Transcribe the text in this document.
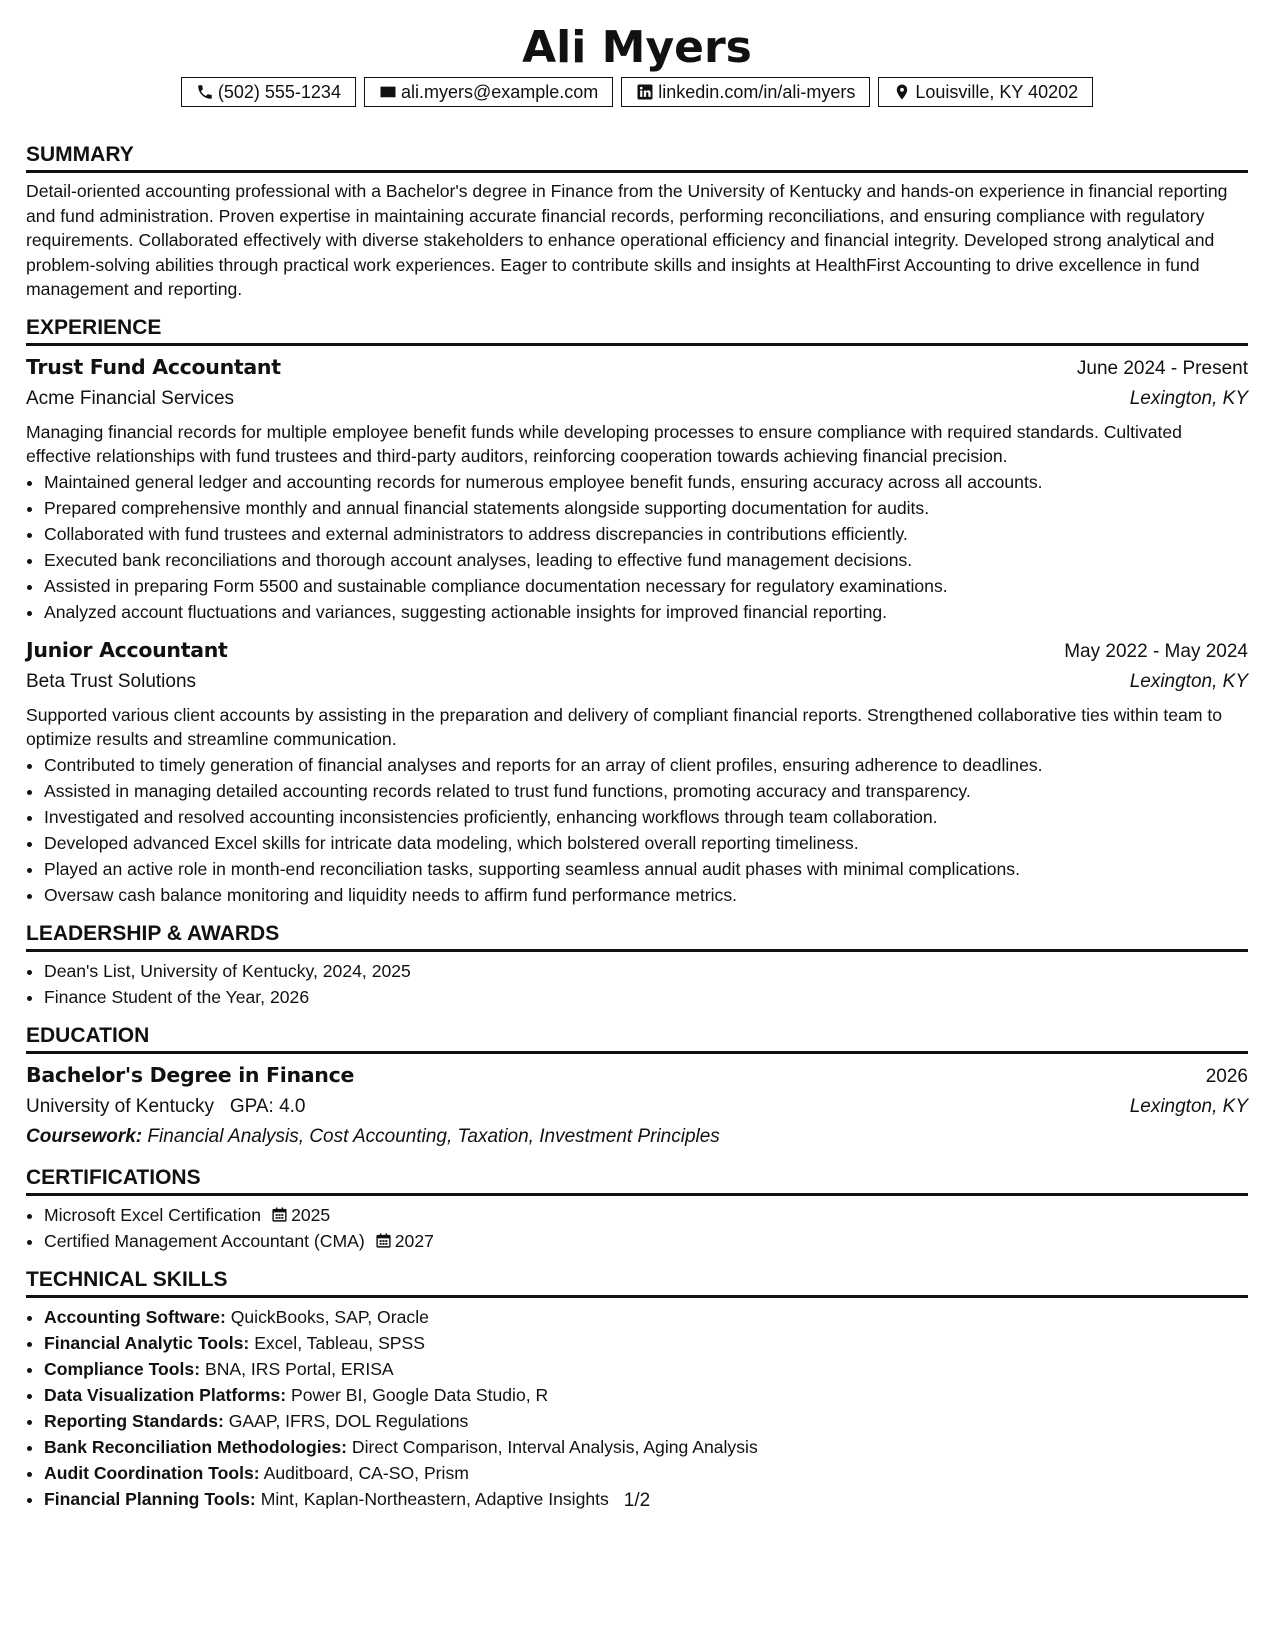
Ali Myers
(502) 555-1234	ali.myers@example.com	linkedin.com/in/ali-myers	Louisville, KY 40202
SUMMARY

Detail-oriented accounting professional with a Bachelor's degree in Finance from the University of Kentucky and hands-on experience in financial reporting and fund administration. Proven expertise in maintaining accurate financial records, performing reconciliations, and ensuring compliance with regulatory requirements. Collaborated effectively with diverse stakeholders to enhance operational efficiency and financial integrity. Developed strong analytical and problem-solving abilities through practical work experiences. Eager to contribute skills and insights at HealthFirst Accounting to drive excellence in fund management and reporting.

EXPERIENCE
Trust Fund Accountant	June 2024 - Present
Acme Financial Services	Lexington, KY

Managing financial records for multiple employee benefit funds while developing processes to ensure compliance with required standards. Cultivated effective relationships with fund trustees and third-party auditors, reinforcing cooperation towards achieving financial precision.

• Maintained general ledger and accounting records for numerous employee benefit funds, ensuring accuracy across all accounts.
• Prepared comprehensive monthly and annual financial statements alongside supporting documentation for audits.
• Collaborated with fund trustees and external administrators to address discrepancies in contributions efficiently.
• Executed bank reconciliations and thorough account analyses, leading to effective fund management decisions.
• Assisted in preparing Form 5500 and sustainable compliance documentation necessary for regulatory examinations.
• Analyzed account fluctuations and variances, suggesting actionable insights for improved financial reporting.
Junior Accountant	May 2022 - May 2024
Beta Trust Solutions	Lexington, KY

Supported various client accounts by assisting in the preparation and delivery of compliant financial reports. Strengthened collaborative ties within team to optimize results and streamline communication.

• Contributed to timely generation of financial analyses and reports for an array of client profiles, ensuring adherence to deadlines.
• Assisted in managing detailed accounting records related to trust fund functions, promoting accuracy and transparency.
• Investigated and resolved accounting inconsistencies proficiently, enhancing workflows through team collaboration.
• Developed advanced Excel skills for intricate data modeling, which bolstered overall reporting timeliness.
• Played an active role in month-end reconciliation tasks, supporting seamless annual audit phases with minimal complications.
• Oversaw cash balance monitoring and liquidity needs to affirm fund performance metrics.
LEADERSHIP & AWARDS
• Dean's List, University of Kentucky, 2024, 2025
• Finance Student of the Year, 2026
EDUCATION
Bachelor's Degree in Finance	2026
University of Kentucky GPA: 4.0	Lexington, KY
Coursework: Financial Analysis, Cost Accounting, Taxation, Investment Principles
CERTIFICATIONS
• Microsoft Excel Certification 2025
• Certified Management Accountant (CMA) 2027
TECHNICAL SKILLS
• Accounting Software: QuickBooks, SAP, Oracle
• Financial Analytic Tools: Excel, Tableau, SPSS
• Compliance Tools: BNA, IRS Portal, ERISA
• Data Visualization Platforms: Power BI, Google Data Studio, R
• Reporting Standards: GAAP, IFRS, DOL Regulations
• Bank Reconciliation Methodologies: Direct Comparison, Interval Analysis, Aging Analysis
• Audit Coordination Tools: Auditboard, CA-SO, Prism
• Financial Planning Tools: Mint, Kaplan-Northeastern, Adaptive Insights 1/2
